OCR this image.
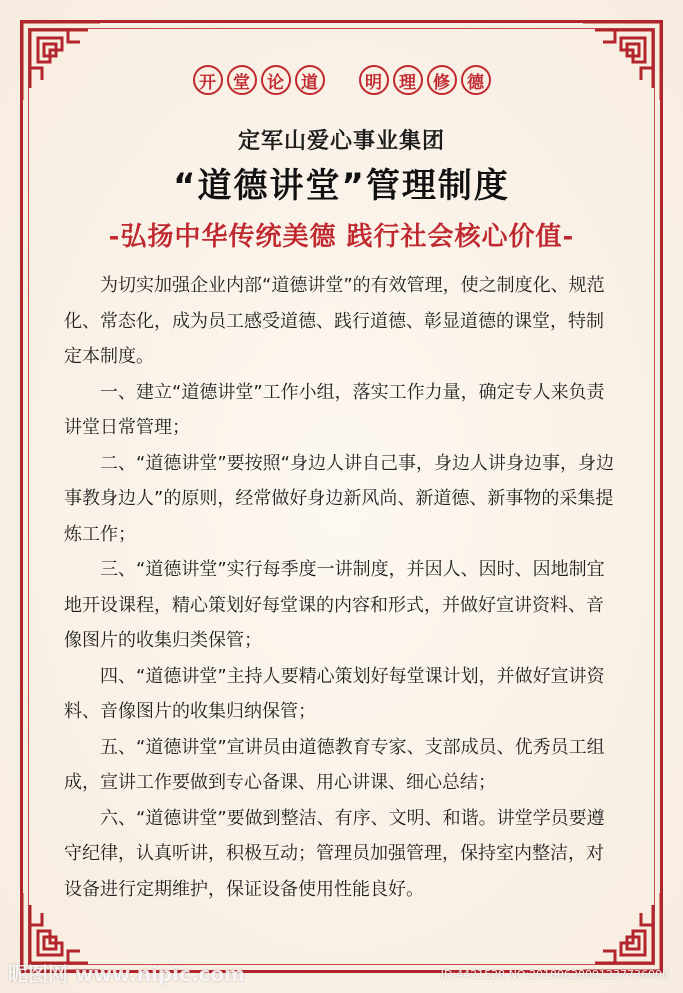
开	堂	论	道	明	理	修	德
定军山爱心事业集团
“道德讲堂”管理制度
-弘扬中华传统美德 践行社会核心价值-

为切实加强企业内部“道德讲堂”的有效管理，使之制度化、规范化、常态化，成为员工感受道德、践行道德、彰显道德的课堂，特制定本制度。

一、建立“道德讲堂”工作小组，落实工作力量，确定专人来负责讲堂日常管理；

二、“道德讲堂”要按照“身边人讲自己事，身边人讲身边事，身边事教身边人”的原则，经常做好身边新风尚、新道德、新事物的采集提炼工作；

三、“道德讲堂”实行每季度一讲制度，并因人、因时、因地制宜地开设课程，精心策划好每堂课的内容和形式，并做好宣讲资料、音像图片的收集归类保管；

四、“道德讲堂”主持人要精心策划好每堂课计划，并做好宣讲资料、音像图片的收集归纳保管；

五、“道德讲堂”宣讲员由道德教育专家、支部成员、优秀员工组成，宣讲工作要做到专心备课、用心讲课、细心总结；

六、“道德讲堂”要做到整洁、有序、文明、和谐。讲堂学员要遵守纪律，认真听讲，积极互动；管理员加强管理，保持室内整洁，对设备进行定期维护，保证设备使用性能良好。

昵图网 www.nipic.com	ID:4421528 NO:20180628091237736000
